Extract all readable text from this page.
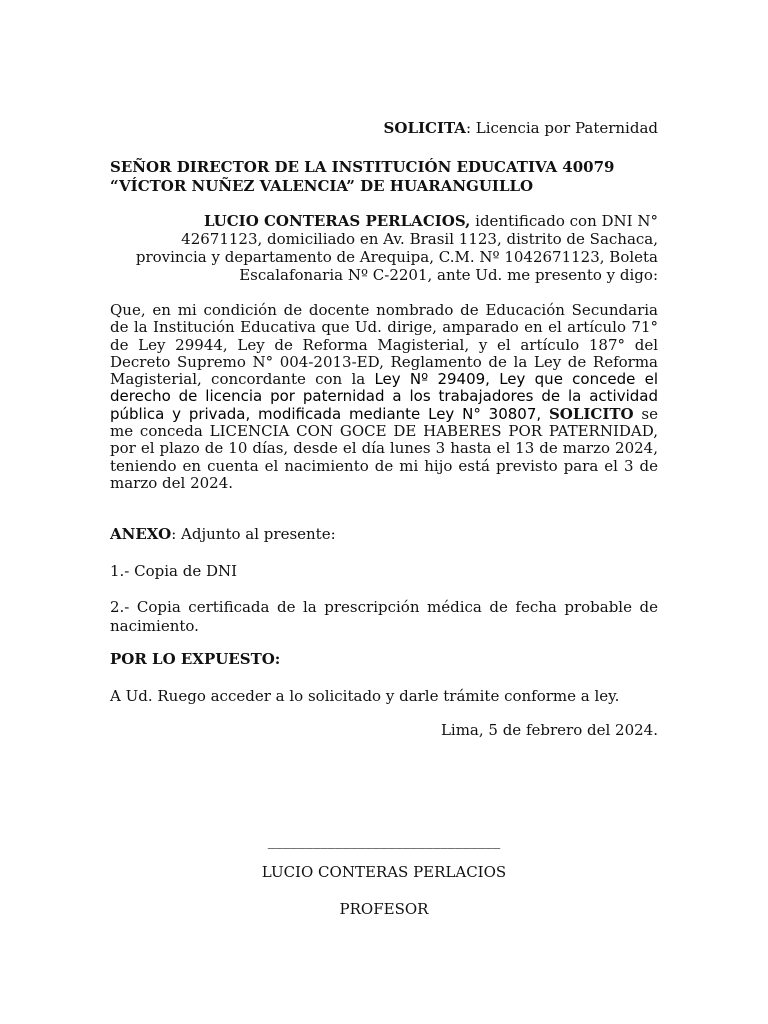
SOLICITA: Licencia por Paternidad
SEÑOR DIRECTOR DE LA INSTITUCIÓN EDUCATIVA 40079
“VÍCTOR NUÑEZ VALENCIA” DE HUARANGUILLO
LUCIO CONTERAS PERLACIOS, identificado con DNI N°
42671123, domiciliado en Av. Brasil 1123, distrito de Sachaca,
provincia y departamento de Arequipa, C.M. Nº 1042671123, Boleta
Escalafonaria Nº C-2201, ante Ud. me presento y digo:
Que, en mi condición de docente nombrado de Educación Secundaria de la Institución Educativa que Ud. dirige, amparado en el artículo 71° de Ley 29944, Ley de Reforma Magisterial, y el artículo 187° del Decreto Supremo N° 004-2013-ED, Reglamento de la Ley de Reforma Magisterial, concordante con la Ley Nº 29409, Ley que concede el derecho de licencia por paternidad a los trabajadores de la actividad pública y privada, modificada mediante Ley N° 30807, SOLICITO se me conceda LICENCIA CON GOCE DE HABERES POR PATERNIDAD, por el plazo de 10 días, desde el día lunes 3 hasta el 13 de marzo 2024, teniendo en cuenta el nacimiento de mi hijo está previsto para el 3 de marzo del 2024.
ANEXO: Adjunto al presente:
1.- Copia de DNI
2.- Copia certificada de la prescripción médica de fecha probable de nacimiento.
POR LO EXPUESTO:
A Ud. Ruego acceder a lo solicitado y darle trámite conforme a ley.
Lima, 5 de febrero del 2024.
_______________________________
LUCIO CONTERAS PERLACIOS
PROFESOR
